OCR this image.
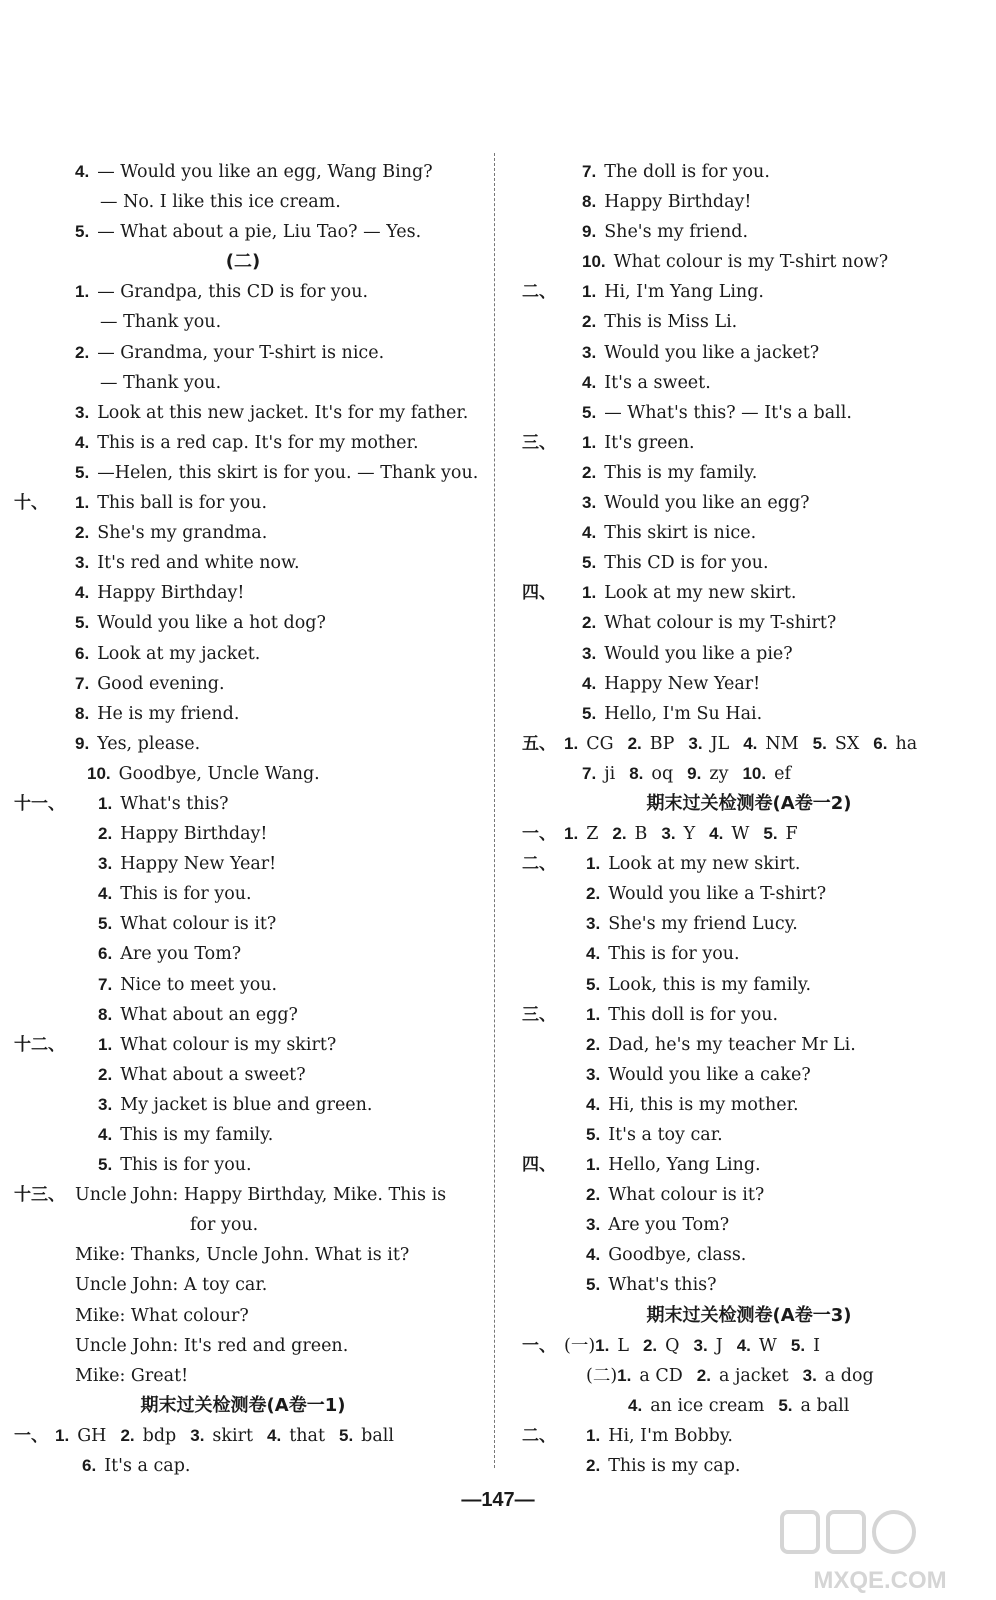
4. — Would you like an egg, Wang Bing?
— No. I like this ice cream.
5. — What about a pie, Liu Tao? — Yes.
(二)
1. — Grandpa, this CD is for you.
— Thank you.
2. — Grandma, your T-shirt is nice.
— Thank you.
3. Look at this new jacket. It's for my father.
4. This is a red cap. It's for my mother.
5. —Helen, this skirt is for you. — Thank you.
十、 1. This ball is for you.
2. She's my grandma.
3. It's red and white now.
4. Happy Birthday!
5. Would you like a hot dog?
6. Look at my jacket.
7. Good evening.
8. He is my friend.
9. Yes, please.
10. Goodbye, Uncle Wang.
十一、 1. What's this?
2. Happy Birthday!
3. Happy New Year!
4. This is for you.
5. What colour is it?
6. Are you Tom?
7. Nice to meet you.
8. What about an egg?
十二、 1. What colour is my skirt?
2. What about a sweet?
3. My jacket is blue and green.
4. This is my family.
5. This is for you.
十三、 Uncle John: Happy Birthday, Mike. This is
for you.
Mike: Thanks, Uncle John. What is it?
Uncle John: A toy car.
Mike: What colour?
Uncle John: It's red and green.
Mike: Great!
期末过关检测卷(A卷一1)
一、 1. GH 2. bdp 3. skirt 4. that 5. ball
6. It's a cap.
7. The doll is for you.
8. Happy Birthday!
9. She's my friend.
10. What colour is my T-shirt now?
二、 1. Hi, I'm Yang Ling.
2. This is Miss Li.
3. Would you like a jacket?
4. It's a sweet.
5. — What's this? — It's a ball.
三、 1. It's green.
2. This is my family.
3. Would you like an egg?
4. This skirt is nice.
5. This CD is for you.
四、 1. Look at my new skirt.
2. What colour is my T-shirt?
3. Would you like a pie?
4. Happy New Year!
5. Hello, I'm Su Hai.
五、 1. CG 2. BP 3. JL 4. NM 5. SX 6. ha
7. ji 8. oq 9. zy 10. ef
期末过关检测卷(A卷一2)
一、 1. Z 2. B 3. Y 4. W 5. F
二、 1. Look at my new skirt.
2. Would you like a T-shirt?
3. She's my friend Lucy.
4. This is for you.
5. Look, this is my family.
三、 1. This doll is for you.
2. Dad, he's my teacher Mr Li.
3. Would you like a cake?
4. Hi, this is my mother.
5. It's a toy car.
四、 1. Hello, Yang Ling.
2. What colour is it?
3. Are you Tom?
4. Goodbye, class.
5. What's this?
期末过关检测卷(A卷一3)
一、 (一)1. L 2. Q 3. J 4. W 5. I
(二)1. a CD 2. a jacket 3. a dog
4. an ice cream 5. a ball
二、 1. Hi, I'm Bobby.
2. This is my cap.
—147—
MXQE.COM
